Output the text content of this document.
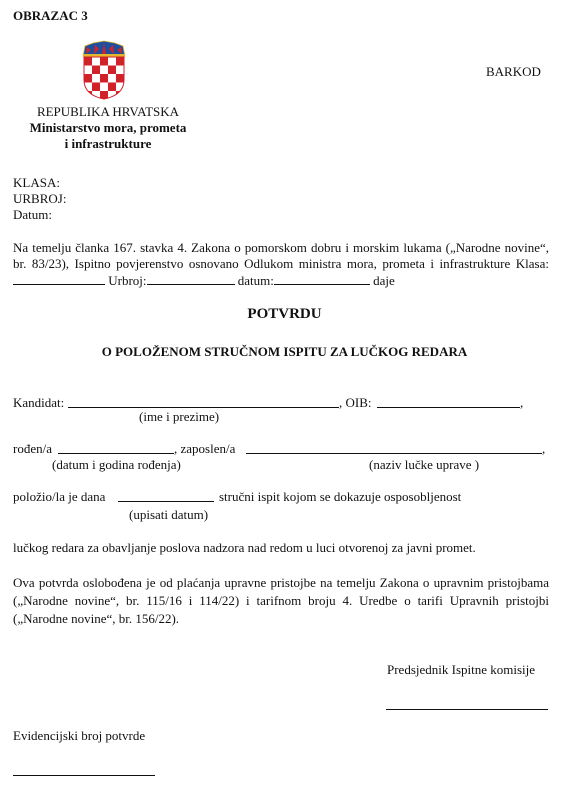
OBRAZAC 3
BARKOD
REPUBLIKA HRVATSKA
Ministarstvo mora, prometa
i infrastrukture
KLASA:
URBROJ:
Datum:
Na temelju članka 167. stavka 4. Zakona o pomorskom dobru i morskim lukama („Narodne novine“, br. 83/23), Ispitno povjerenstvo osnovano Odlukom ministra mora, prometa i infrastrukture Klasa: Urbroj:	datum:	daje
POTVRDU
O POLOŽENOM STRUČNOM ISPITU ZA LUČKOG REDARA
Kandidat:	, OIB:	,
(ime i prezime)
rođen/a	, zaposlen/a	,
(datum i godina rođenja)	(naziv lučke uprave )
položio/la je dana	stručni ispit kojom se dokazuje osposobljenost
(upisati datum)
lučkog redara za obavljanje poslova nadzora nad redom u luci otvorenoj za javni promet.
Ova potvrda oslobođena je od plaćanja upravne pristojbe na temelju Zakona o upravnim pristojbama („Narodne novine“, br. 115/16 i 114/22) i tarifnom broju 4. Uredbe o tarifi Upravnih pristojbi („Narodne novine“, br. 156/22).
Predsjednik Ispitne komisije
Evidencijski broj potvrde
